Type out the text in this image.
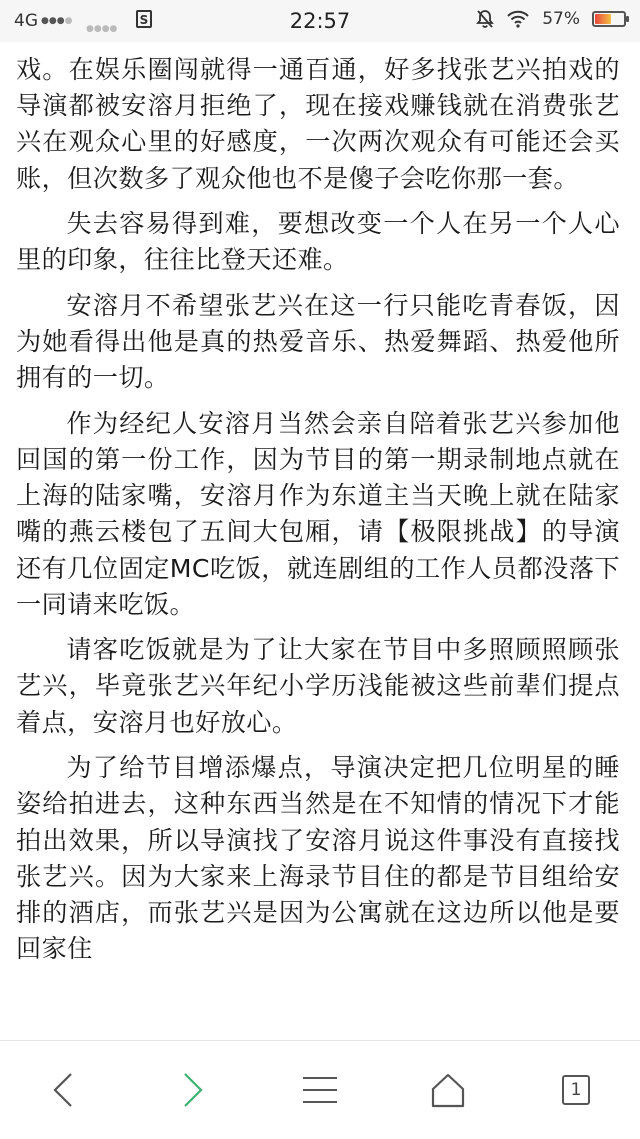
4G ●●●●
●●●●
S	22:57	57%

戏。在娱乐圈闯就得一通百通，好多找张艺兴拍戏的导演都被安溶月拒绝了，现在接戏赚钱就在消费张艺兴在观众心里的好感度，一次两次观众有可能还会买账，但次数多了观众他也不是傻子会吃你那一套。

失去容易得到难，要想改变一个人在另一个人心里的印象，往往比登天还难。

安溶月不希望张艺兴在这一行只能吃青春饭，因为她看得出他是真的热爱音乐、热爱舞蹈、热爱他所拥有的一切。

作为经纪人安溶月当然会亲自陪着张艺兴参加他回国的第一份工作，因为节目的第一期录制地点就在上海的陆家嘴，安溶月作为东道主当天晚上就在陆家嘴的燕云楼包了五间大包厢，请【极限挑战】的导演还有几位固定MC吃饭，就连剧组的工作人员都没落下一同请来吃饭。

请客吃饭就是为了让大家在节目中多照顾照顾张艺兴，毕竟张艺兴年纪小学历浅能被这些前辈们提点着点，安溶月也好放心。

为了给节目增添爆点，导演决定把几位明星的睡姿给拍进去，这种东西当然是在不知情的情况下才能拍出效果，所以导演找了安溶月说这件事没有直接找张艺兴。因为大家来上海录节目住的都是节目组给安排的酒店，而张艺兴是因为公寓就在这边所以他是要回家住

1
